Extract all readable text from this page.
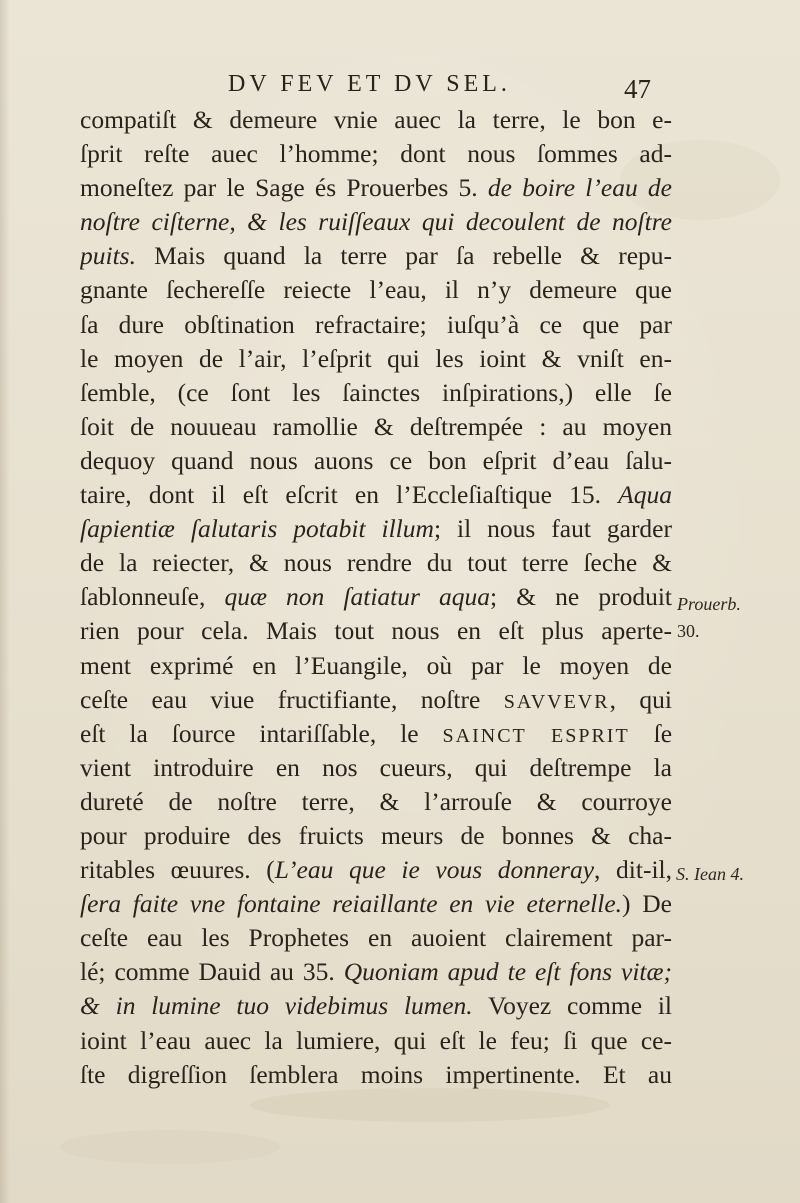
DV FEV ET DV SEL.	47
compatiſt & demeure vnie auec la terre, le bon e-
ſprit reſte auec l’homme; dont nous ſommes ad-
moneſtez par le Sage és Prouerbes 5. de boire l’eau de
noſtre ciſterne, & les ruiſſeaux qui decoulent de noſtre
puits. Mais quand la terre par ſa rebelle & repu-
gnante ſechereſſe reiecte l’eau, il n’y demeure que
ſa dure obſtination refractaire; iuſqu’à ce que par
le moyen de l’air, l’eſprit qui les ioint & vniſt en-
ſemble, (ce ſont les ſainctes inſpirations,) elle ſe
ſoit de nouueau ramollie & deſtrempée : au moyen
dequoy quand nous auons ce bon eſprit d’eau ſalu-
taire, dont il eſt eſcrit en l’Eccleſiaſtique 15. Aqua
ſapientiæ ſalutaris potabit illum; il nous faut garder
de la reiecter, & nous rendre du tout terre ſeche &
ſablonneuſe, quæ non ſatiatur aqua; & ne produit
rien pour cela. Mais tout nous en eſt plus aperte-
ment exprimé en l’Euangile, où par le moyen de
ceſte eau viue fructifiante, noſtre SAVVEVR, qui
eſt la ſource intariſſable, le SAINCT ESPRIT ſe
vient introduire en nos cueurs, qui deſtrempe la
dureté de noſtre terre, & l’arrouſe & courroye
pour produire des fruicts meurs de bonnes & cha-
ritables œuures. (L’eau que ie vous donneray, dit-il,
ſera faite vne fontaine reiaillante en vie eternelle.) De
ceſte eau les Prophetes en auoient clairement par-
lé; comme Dauid au 35. Quoniam apud te eſt fons vitæ;
& in lumine tuo videbimus lumen. Voyez comme il
ioint l’eau auec la lumiere, qui eſt le feu; ſi que ce-
ſte digreſſion ſemblera moins impertinente. Et au
Prouerb.
30.
S. Iean 4.
